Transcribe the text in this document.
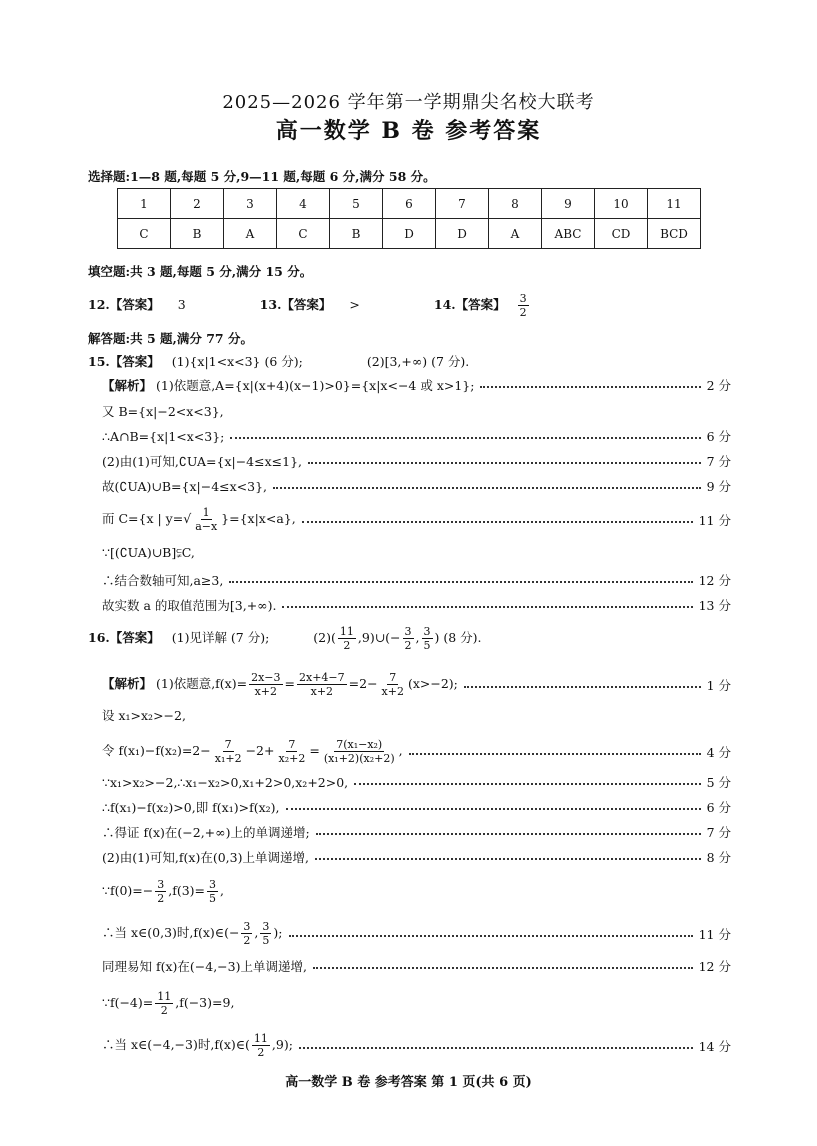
2025—2026 学年第一学期鼎尖名校大联考
高一数学 B 卷 参考答案
选择题:1—8 题,每题 5 分,9—11 题,每题 6 分,满分 58 分。
1	2	3	4	5	6	7	8	9	10	11
C	B	A	C	B	D	D	A	ABC	CD	BCD
填空题:共 3 题,每题 5 分,满分 15 分。
12.【答案】 3	13.【答案】 >	14.【答案】 $\frac{3}{2}$
解答题:共 5 题,满分 77 分。
15.【答案】 (1){x|1<x<3} (6 分);	(2)[3,+∞) (7 分).
【解析】 (1)依题意,A={x|(x+4)(x−1)>0}={x|x<−4 或 x>1};	2 分
又 B={x|−2<x<3},
∴A∩B={x|1<x<3};	6 分
(2)由(1)可知,∁UA={x|−4≤x≤1},	7 分
故(∁UA)∪B={x|−4≤x<3},	9 分
而 C={x | $y=√ \frac{1}{a-x} \}=\{x|x<a\}$,	11 分
∵[(∁UA)∪B]⫋C,
∴结合数轴可知,a≥3,	12 分
故实数 a 的取值范围为[3,+∞).	13 分
16.【答案】 (1)见详解 (7 分);	$(2)( \frac{11}{2}$ ,9)∪(− $\frac{3}{2}$ , $\frac{3}{5}$ ) (8 分).
【解析】 (1)依题意$,f(x)= \frac{2x-3}{x+2} = \frac{2x+4-7}{x+2} =2- \frac{7}{x+2} (x>-2)$;	1 分
设 x₁>x₂>−2,
令 $f(x_1)-f(x_2)=2- \frac{7}{\text{x₁+2}} -2+ \frac{7}{\text{x₂+2}} = \frac{\text{7(x₁−x₂)}}{\text{(x₁+2)(x₂+2)}}$ ,	4 分
∵x₁>x₂>−2,∴x₁−x₂>0,x₁+2>0,x₂+2>0,	5 分
∴f(x₁)−f(x₂)>0,即 f(x₁)>f(x₂),	6 分
∴得证 f(x)在(−2,+∞)上的单调递增;	7 分
(2)由(1)可知,f(x)在(0,3)上单调递增,	8 分
∵f(0)=− $\frac{3}{2} ,f(3)= \frac{3}{5}$ ,
∴当 x∈(0,3)时,f(x)∈(− $\frac{3}{2}$ , $\frac{3}{5}$ );	11 分
同理易知 f(x)在(−4,−3)上单调递增,	12 分
∵f(−4)= $\frac{11}{2} ,f(-3)=9$,
∴当 x∈(−4,−3)时,f(x)∈( $\frac{11}{2} ,9$);	14 分
高一数学 B 卷 参考答案 第 1 页(共 6 页)
